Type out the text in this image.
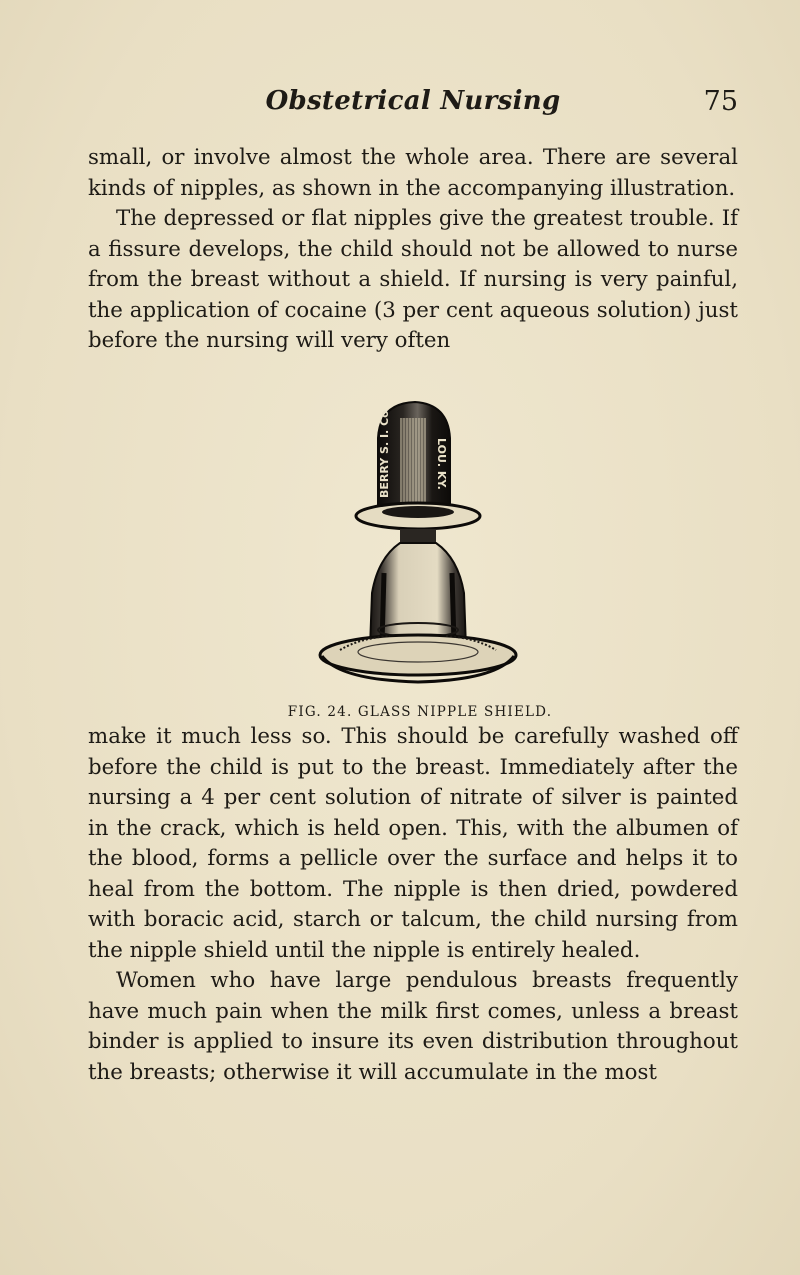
Obstetrical Nursing	75

small, or involve almost the whole area. There are several kinds of nipples, as shown in the accompanying illustration.

The depressed or flat nipples give the greatest trouble. If a fissure develops, the child should not be allowed to nurse from the breast without a shield. If nursing is very painful, the application of cocaine (3 per cent aqueous solution) just before the nursing will very often

BERRY S. I. Co	LOU. KY.
FIG. 24. GLASS NIPPLE SHIELD.

make it much less so. This should be carefully washed off before the child is put to the breast. Immediately after the nursing a 4 per cent solution of nitrate of silver is painted in the crack, which is held open. This, with the albumen of the blood, forms a pellicle over the surface and helps it to heal from the bottom. The nipple is then dried, powdered with boracic acid, starch or talcum, the child nursing from the nipple shield until the nipple is entirely healed.

Women who have large pendulous breasts frequently have much pain when the milk first comes, unless a breast binder is applied to insure its even distribution throughout the breasts; otherwise it will accumulate in the most
